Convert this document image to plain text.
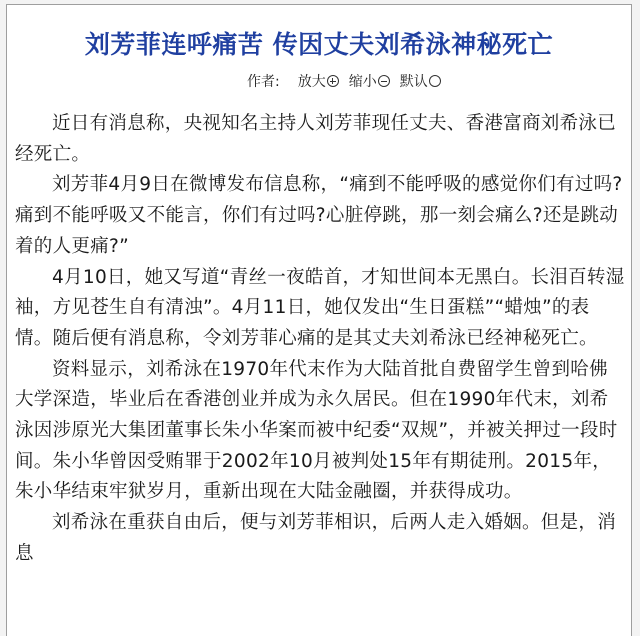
刘芳菲连呼痛苦 传因丈夫刘希泳神秘死亡
作者: 放大 缩小 默认

近日有消息称，央视知名主持人刘芳菲现任丈夫、香港富商刘希泳已经死亡。

刘芳菲4月9日在微博发布信息称，“痛到不能呼吸的感觉你们有过吗?痛到不能呼吸又不能言，你们有过吗?心脏停跳，那一刻会痛么?还是跳动着的人更痛?”

4月10日，她又写道“青丝一夜皓首，才知世间本无黑白。长泪百转湿袖，方见苍生自有清浊”。4月11日，她仅发出“生日蛋糕”“蜡烛”的表情。随后便有消息称，令刘芳菲心痛的是其丈夫刘希泳已经神秘死亡。

资料显示，刘希泳在1970年代末作为大陆首批自费留学生曾到哈佛大学深造，毕业后在香港创业并成为永久居民。但在1990年代末，刘希泳因涉原光大集团董事长朱小华案而被中纪委“双规”，并被关押过一段时间。朱小华曾因受贿罪于2002年10月被判处15年有期徒刑。2015年，朱小华结束牢狱岁月，重新出现在大陆金融圈，并获得成功。

刘希泳在重获自由后，便与刘芳菲相识，后两人走入婚姻。但是，消息
